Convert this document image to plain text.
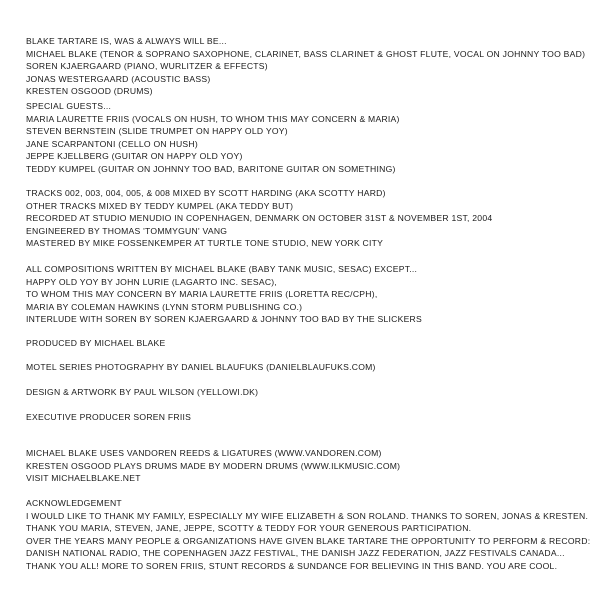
BLAKE TARTARE IS, WAS & ALWAYS WILL BE...
MICHAEL BLAKE (TENOR & SOPRANO SAXOPHONE, CLARINET, BASS CLARINET & GHOST FLUTE, VOCAL ON JOHNNY TOO BAD)
SOREN KJAERGAARD (PIANO, WURLITZER & EFFECTS)
JONAS WESTERGAARD (ACOUSTIC BASS)
KRESTEN OSGOOD (DRUMS)
SPECIAL GUESTS...
MARIA LAURETTE FRIIS (VOCALS ON HUSH, TO WHOM THIS MAY CONCERN & MARIA)
STEVEN BERNSTEIN (SLIDE TRUMPET ON HAPPY OLD YOY)
JANE SCARPANTONI (CELLO ON HUSH)
JEPPE KJELLBERG (GUITAR ON HAPPY OLD YOY)
TEDDY KUMPEL (GUITAR ON JOHNNY TOO BAD, BARITONE GUITAR ON SOMETHING)
TRACKS 002, 003, 004, 005, & 008 MIXED BY SCOTT HARDING (AKA SCOTTY HARD)
OTHER TRACKS MIXED BY TEDDY KUMPEL (AKA TEDDY BUT)
RECORDED AT STUDIO MENUDIO IN COPENHAGEN, DENMARK ON OCTOBER 31ST & NOVEMBER 1ST, 2004
ENGINEERED BY THOMAS 'TOMMYGUN' VANG
MASTERED BY MIKE FOSSENKEMPER AT TURTLE TONE STUDIO, NEW YORK CITY
ALL COMPOSITIONS WRITTEN BY MICHAEL BLAKE (BABY TANK MUSIC, SESAC) EXCEPT...
HAPPY OLD YOY BY JOHN LURIE (LAGARTO INC. SESAC),
TO WHOM THIS MAY CONCERN BY MARIA LAURETTE FRIIS (LORETTA REC/CPH),
MARIA BY COLEMAN HAWKINS (LYNN STORM PUBLISHING CO.)
INTERLUDE WITH SOREN BY SOREN KJAERGAARD & JOHNNY TOO BAD BY THE SLICKERS
PRODUCED BY MICHAEL BLAKE
MOTEL SERIES PHOTOGRAPHY BY DANIEL BLAUFUKS (DANIELBLAUFUKS.COM)
DESIGN & ARTWORK BY PAUL WILSON (YELLOWI.DK)
EXECUTIVE PRODUCER SOREN FRIIS
MICHAEL BLAKE USES VANDOREN REEDS & LIGATURES (WWW.VANDOREN.COM)
KRESTEN OSGOOD PLAYS DRUMS MADE BY MODERN DRUMS (WWW.ILKMUSIC.COM)
VISIT MICHAELBLAKE.NET
ACKNOWLEDGEMENT
I WOULD LIKE TO THANK MY FAMILY, ESPECIALLY MY WIFE ELIZABETH & SON ROLAND. THANKS TO SOREN, JONAS & KRESTEN.
THANK YOU MARIA, STEVEN, JANE, JEPPE, SCOTTY & TEDDY FOR YOUR GENEROUS PARTICIPATION.
OVER THE YEARS MANY PEOPLE & ORGANIZATIONS HAVE GIVEN BLAKE TARTARE THE OPPORTUNITY TO PERFORM & RECORD:
DANISH NATIONAL RADIO, THE COPENHAGEN JAZZ FESTIVAL, THE DANISH JAZZ FEDERATION, JAZZ FESTIVALS CANADA...
THANK YOU ALL! MORE TO SOREN FRIIS, STUNT RECORDS & SUNDANCE FOR BELIEVING IN THIS BAND. YOU ARE COOL.
